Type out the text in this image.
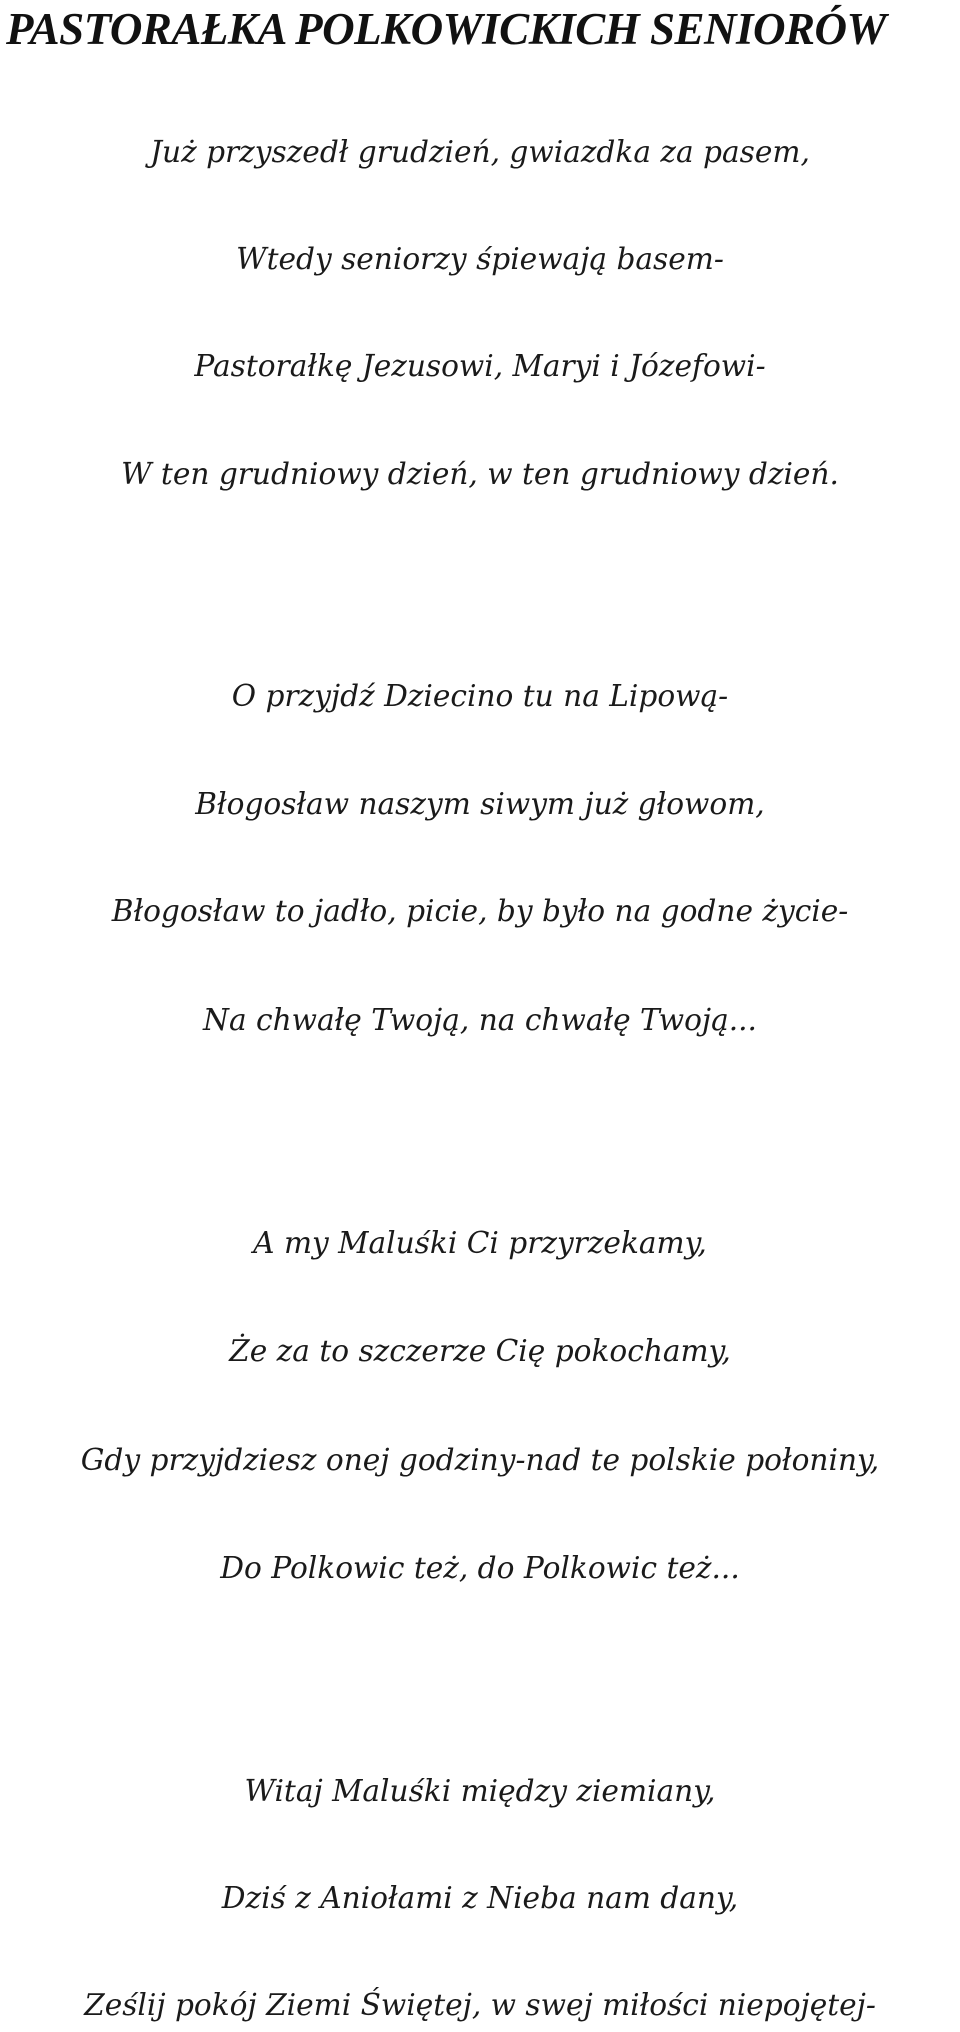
PASTORAŁKA POLKOWICKICH SENIORÓW

Już przyszedł grudzień, gwiazdka za pasem,

Wtedy seniorzy śpiewają basem-

Pastorałkę Jezusowi, Maryi i Józefowi-

W ten grudniowy dzień, w ten grudniowy dzień.

O przyjdź Dziecino tu na Lipową-

Błogosław naszym siwym już głowom,

Błogosław to jadło, picie, by było na godne życie-

Na chwałę Twoją, na chwałę Twoją...

A my Maluśki Ci przyrzekamy,

Że za to szczerze Cię pokochamy,

Gdy przyjdziesz onej godziny-nad te polskie połoniny,

Do Polkowic też, do Polkowic też...

Witaj Maluśki między ziemiany,

Dziś z Aniołami z Nieba nam dany,

Ześlij pokój Ziemi Świętej, w swej miłości niepojętej-
